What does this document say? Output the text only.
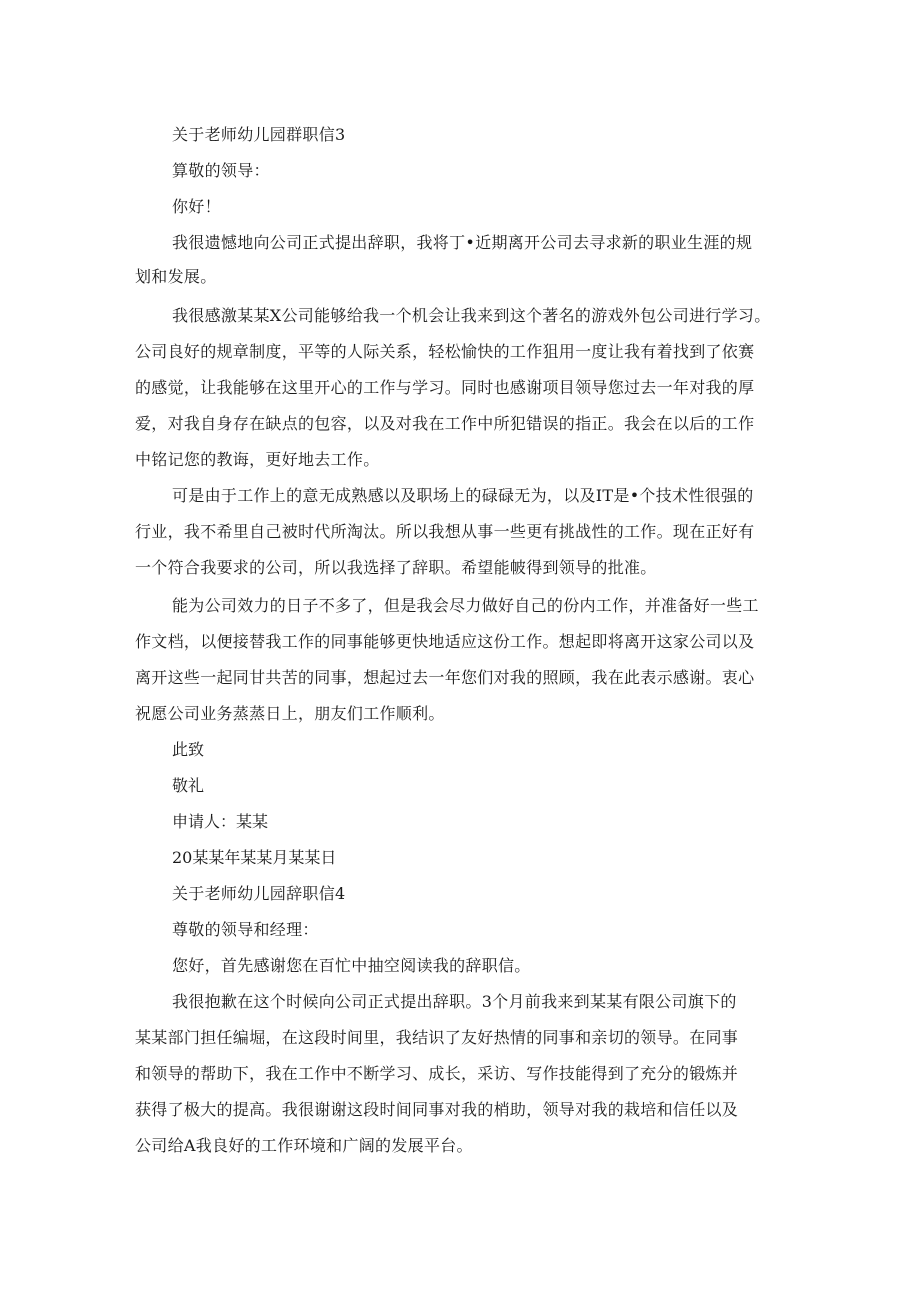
关于老师幼儿园群职信3
算敬的领导：
你好！
我很遗憾地向公司正式提出辞职，我将丁•近期离开公司去寻求新的职业生涯的规
划和发展。
我很感激某某X公司能够给我一个机会让我来到这个著名的游戏外包公司进行学习。
公司良好的规章制度，平等的人际关系，轻松愉快的工作狙用一度让我有着找到了依赛
的感觉，让我能够在这里开心的工作与学习。同时也感谢项目领导您过去一年对我的厚
爱，对我自身存在缺点的包容，以及对我在工作中所犯错误的指正。我会在以后的工作
中铭记您的教诲，更好地去工作。
可是由于工作上的意无成熟感以及职场上的碌碌无为，以及IT是•个技术性很强的
行业，我不希里自己被时代所淘汰。所以我想从事一些更有挑战性的工作。现在正好有
一个符合我要求的公司，所以我选择了辞职。希望能帔得到领导的批准。
能为公司效力的日子不多了，但是我会尽力做好自己的份内工作，并准备好一些工
作文档，以便接替我工作的同事能够更快地适应这份工作。想起即将离开这家公司以及
离开这些一起同甘共苦的同事，想起过去一年您们对我的照顾，我在此表示感谢。衷心
祝愿公司业务蒸蒸日上，朋友们工作顺利。
此致
敬礼
申请人：某某
20某某年某某月某某日
关于老师幼儿园辞职信4
尊敬的领导和经理：
您好，首先感谢您在百忙中抽空阅读我的辞职信。
我很抱歉在这个时候向公司正式提出辞职。3个月前我来到某某有限公司旗下的
某某部门担任编堀，在这段时间里，我结识了友好热情的同事和亲切的领导。在同事
和领导的帮助下，我在工作中不断学习、成长，采访、写作技能得到了充分的锻炼并
获得了极大的提高。我很谢谢这段时间同事对我的梢助，领导对我的栽培和信任以及
公司给A我良好的工作环境和广阔的发展平台。
